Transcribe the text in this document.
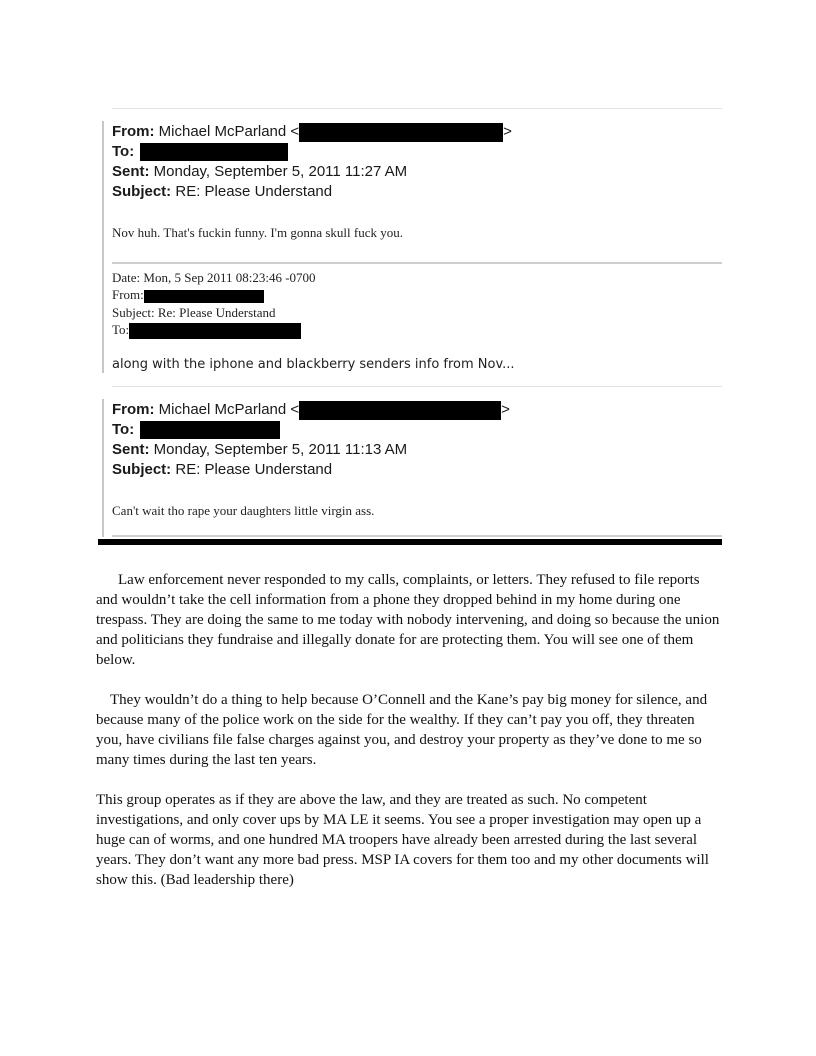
From: Michael McParland <	>
To:
Sent: Monday, September 5, 2011 11:27 AM
Subject: RE: Please Understand
Nov huh. That's fuckin funny. I'm gonna skull fuck you.
Date: Mon, 5 Sep 2011 08:23:46 -0700
From:
Subject: Re: Please Understand
To:
along with the iphone and blackberry senders info from Nov...
From: Michael McParland <	>
To:
Sent: Monday, September 5, 2011 11:13 AM
Subject: RE: Please Understand
Can't wait tho rape your daughters little virgin ass.

Law enforcement never responded to my calls, complaints, or letters. They refused to file reports and wouldn’t take the cell information from a phone they dropped behind in my home during one trespass. They are doing the same to me today with nobody intervening, and doing so because the union and politicians they fundraise and illegally donate for are protecting them. You will see one of them below.

They wouldn’t do a thing to help because O’Connell and the Kane’s pay big money for silence, and because many of the police work on the side for the wealthy. If they can’t pay you off, they threaten you, have civilians file false charges against you, and destroy your property as they’ve done to me so many times during the last ten years.

This group operates as if they are above the law, and they are treated as such. No competent investigations, and only cover ups by MA LE it seems. You see a proper investigation may open up a huge can of worms, and one hundred MA troopers have already been arrested during the last several years. They don’t want any more bad press. MSP IA covers for them too and my other documents will show this. (Bad leadership there)
